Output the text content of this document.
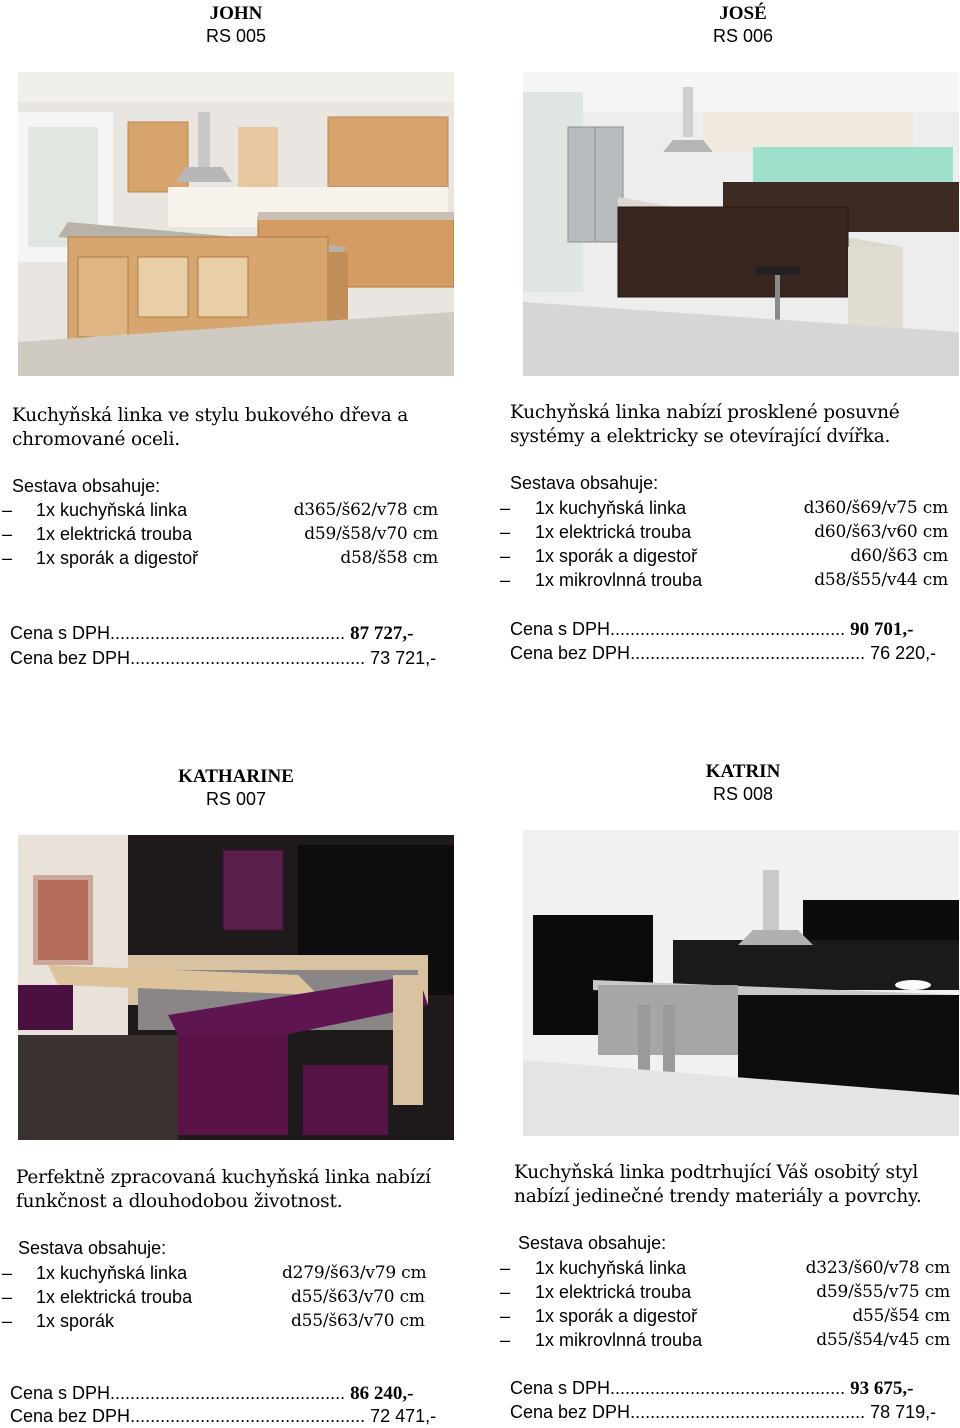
JOHN
RS 005
Kuchyňská linka ve stylu bukového dřeva a
chromované oceli.
Sestava obsahuje:
– 1x kuchyňská linka	d365/š62/v78 cm
– 1x elektrická trouba	d59/š58/v70 cm
– 1x sporák a digestoř	d58/š58 cm
Cena s DPH............................................... 87 727,-
Cena bez DPH............................................... 73 721,-
JOSÉ
RS 006
Kuchyňská linka nabízí prosklené posuvné
systémy a elektricky se otevírající dvířka.
Sestava obsahuje:
– 1x kuchyňská linka	d360/š69/v75 cm
– 1x elektrická trouba	d60/š63/v60 cm
– 1x sporák a digestoř	d60/š63 cm
– 1x mikrovlnná trouba	d58/š55/v44 cm
Cena s DPH............................................... 90 701,-
Cena bez DPH............................................... 76 220,-
KATHARINE
RS 007
Perfektně zpracovaná kuchyňská linka nabízí
funkčnost a dlouhodobou životnost.
Sestava obsahuje:
– 1x kuchyňská linka	d279/š63/v79 cm
– 1x elektrická trouba	d55/š63/v70 cm
– 1x sporák	d55/š63/v70 cm
Cena s DPH............................................... 86 240,-
Cena bez DPH............................................... 72 471,-
KATRIN
RS 008
Kuchyňská linka podtrhující Váš osobitý styl
nabízí jedinečné trendy materiály a povrchy.
Sestava obsahuje:
– 1x kuchyňská linka	d323/š60/v78 cm
– 1x elektrická trouba	d59/š55/v75 cm
– 1x sporák a digestoř	d55/š54 cm
– 1x mikrovlnná trouba	d55/š54/v45 cm
Cena s DPH............................................... 93 675,-
Cena bez DPH............................................... 78 719,-
